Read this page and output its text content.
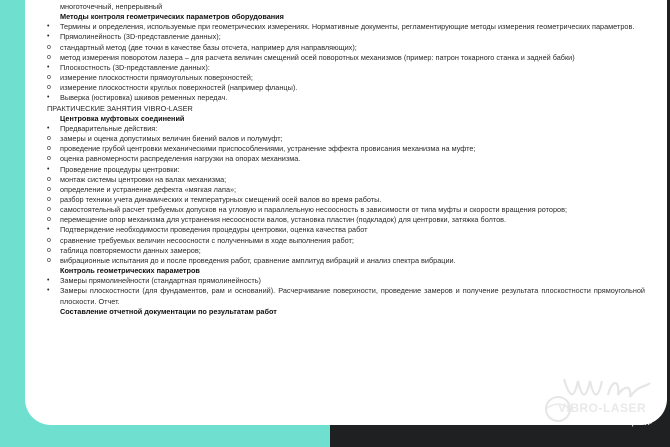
многоточечный, непрерывный
Методы контроля геометрических параметров оборудования
•	Термины и определения, используемые при геометрических измерениях. Нормативные документы, регламентирующие методы измерения геометрических параметров.
•	Прямолинейность (3D-представление данных);
o	стандартный метод (две точки в качестве базы отсчета, например для направляющих);
o	метод измерения поворотом лазера – для расчета величин смещений осей поворотных механизмов (пример: патрон токарного станка и задней бабки)
•	Плоскостность (3D-представление данных):
o	измерение плоскостности прямоугольных поверхностей;
o	измерение плоскостности круглых поверхностей (например фланцы).
•	Выверка (юстировка) шкивов ременных передач.
ПРАКТИЧЕСКИЕ ЗАНЯТИЯ VIBRO-LASER
Центровка муфтовых соединений
•	Предварительные действия:
o	замеры и оценка допустимых величин биений валов и полумуфт;
o	проведение грубой центровки механическими приспособлениями, устранение эффекта провисания механизма на муфте;
o	оценка равномерности распределения нагрузки на опорах механизма.
•	Проведение процедуры центровки:
o	монтаж системы центровки на валах механизма;
o	определение и устранение дефекта «мягкая лапа»;
o	разбор техники учета динамических и температурных смещений осей валов во время работы.
o	самостоятельный расчет требуемых допусков на угловую и параллельную несоосность в зависимости от типа муфты и скорости вращения роторов;
o	перемещение опор механизма для устранения несоосности валов, установка пластин (подкладок) для центровки, затяжка болтов.
•	Подтверждение необходимости проведения процедуры центровки, оценка качества работ
o	сравнение требуемых величин несоосности с полученными в ходе выполнения работ;
o	таблица повторяемости данных замеров;
o	вибрационные испытания до и после проведения работ, сравнение амплитуд вибраций и анализ спектра вибрации.
Контроль геометрических параметров
•	Замеры прямолинейности (стандартная прямолинейность)
•	Замеры плоскостности (для фундаментов, рам и оснований). Расчерчивание поверхности, проведение замеров и получение результата плоскостности прямоугольной плоскости. Отчет.
Составление отчетной документации по результатам работ
VIBRO-LASER
УЧЕБНЫЙ ЦЕНТР
